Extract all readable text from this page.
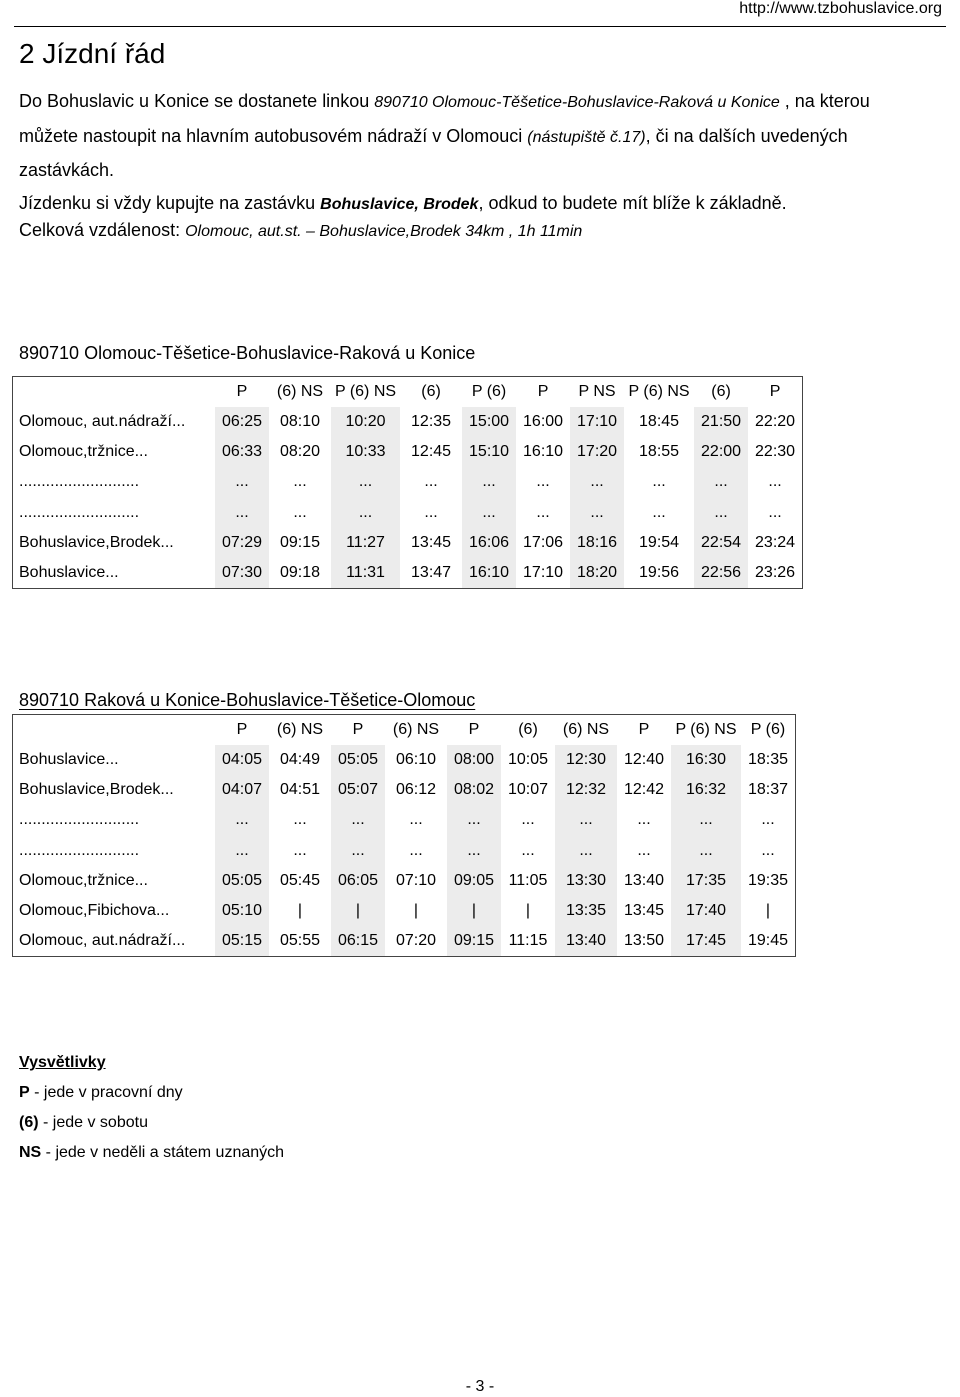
http://www.tzbohuslavice.org
2 Jízdní řád

Do Bohuslavic u Konice se dostanete linkou 890710 Olomouc-Těšetice-Bohuslavice-Raková u Konice , na kterou

můžete nastoupit na hlavním autobusovém nádraží v Olomouci (nástupiště č.17), či na dalších uvedených

zastávkách.

Jízdenku si vždy kupujte na zastávku Bohuslavice, Brodek, odkud to budete mít blíže k základně.

Celková vzdálenost: Olomouc, aut.st. – Bohuslavice,Brodek 34km , 1h 11min
890710 Olomouc-Těšetice-Bohuslavice-Raková u Konice
	P	(6) NS	P (6) NS	(6)	P (6)	P	P NS	P (6) NS	(6)	P
Olomouc, aut.nádraží...	06:25	08:10	10:20	12:35	15:00	16:00	17:10	18:45	21:50	22:20
Olomouc,tržnice...	06:33	08:20	10:33	12:45	15:10	16:10	17:20	18:55	22:00	22:30
...........................	...	...	...	...	...	...	...	...	...	...
...........................	...	...	...	...	...	...	...	...	...	...
Bohuslavice,Brodek...	07:29	09:15	11:27	13:45	16:06	17:06	18:16	19:54	22:54	23:24
Bohuslavice...	07:30	09:18	11:31	13:47	16:10	17:10	18:20	19:56	22:56	23:26
890710 Raková u Konice-Bohuslavice-Těšetice-Olomouc
	P	(6) NS	P	(6) NS	P	(6)	(6) NS	P	P (6) NS	P (6)
Bohuslavice...	04:05	04:49	05:05	06:10	08:00	10:05	12:30	12:40	16:30	18:35
Bohuslavice,Brodek...	04:07	04:51	05:07	06:12	08:02	10:07	12:32	12:42	16:32	18:37
...........................	...	...	...	...	...	...	...	...	...	...
...........................	...	...	...	...	...	...	...	...	...	...
Olomouc,tržnice...	05:05	05:45	06:05	07:10	09:05	11:05	13:30	13:40	17:35	19:35
Olomouc,Fibichova...	05:10	|	|	|	|	|	13:35	13:45	17:40	|
Olomouc, aut.nádraží...	05:15	05:55	06:15	07:20	09:15	11:15	13:40	13:50	17:45	19:45
Vysvětlivky
P - jede v pracovní dny
(6) - jede v sobotu
NS - jede v neděli a státem uznaných
- 3 -
